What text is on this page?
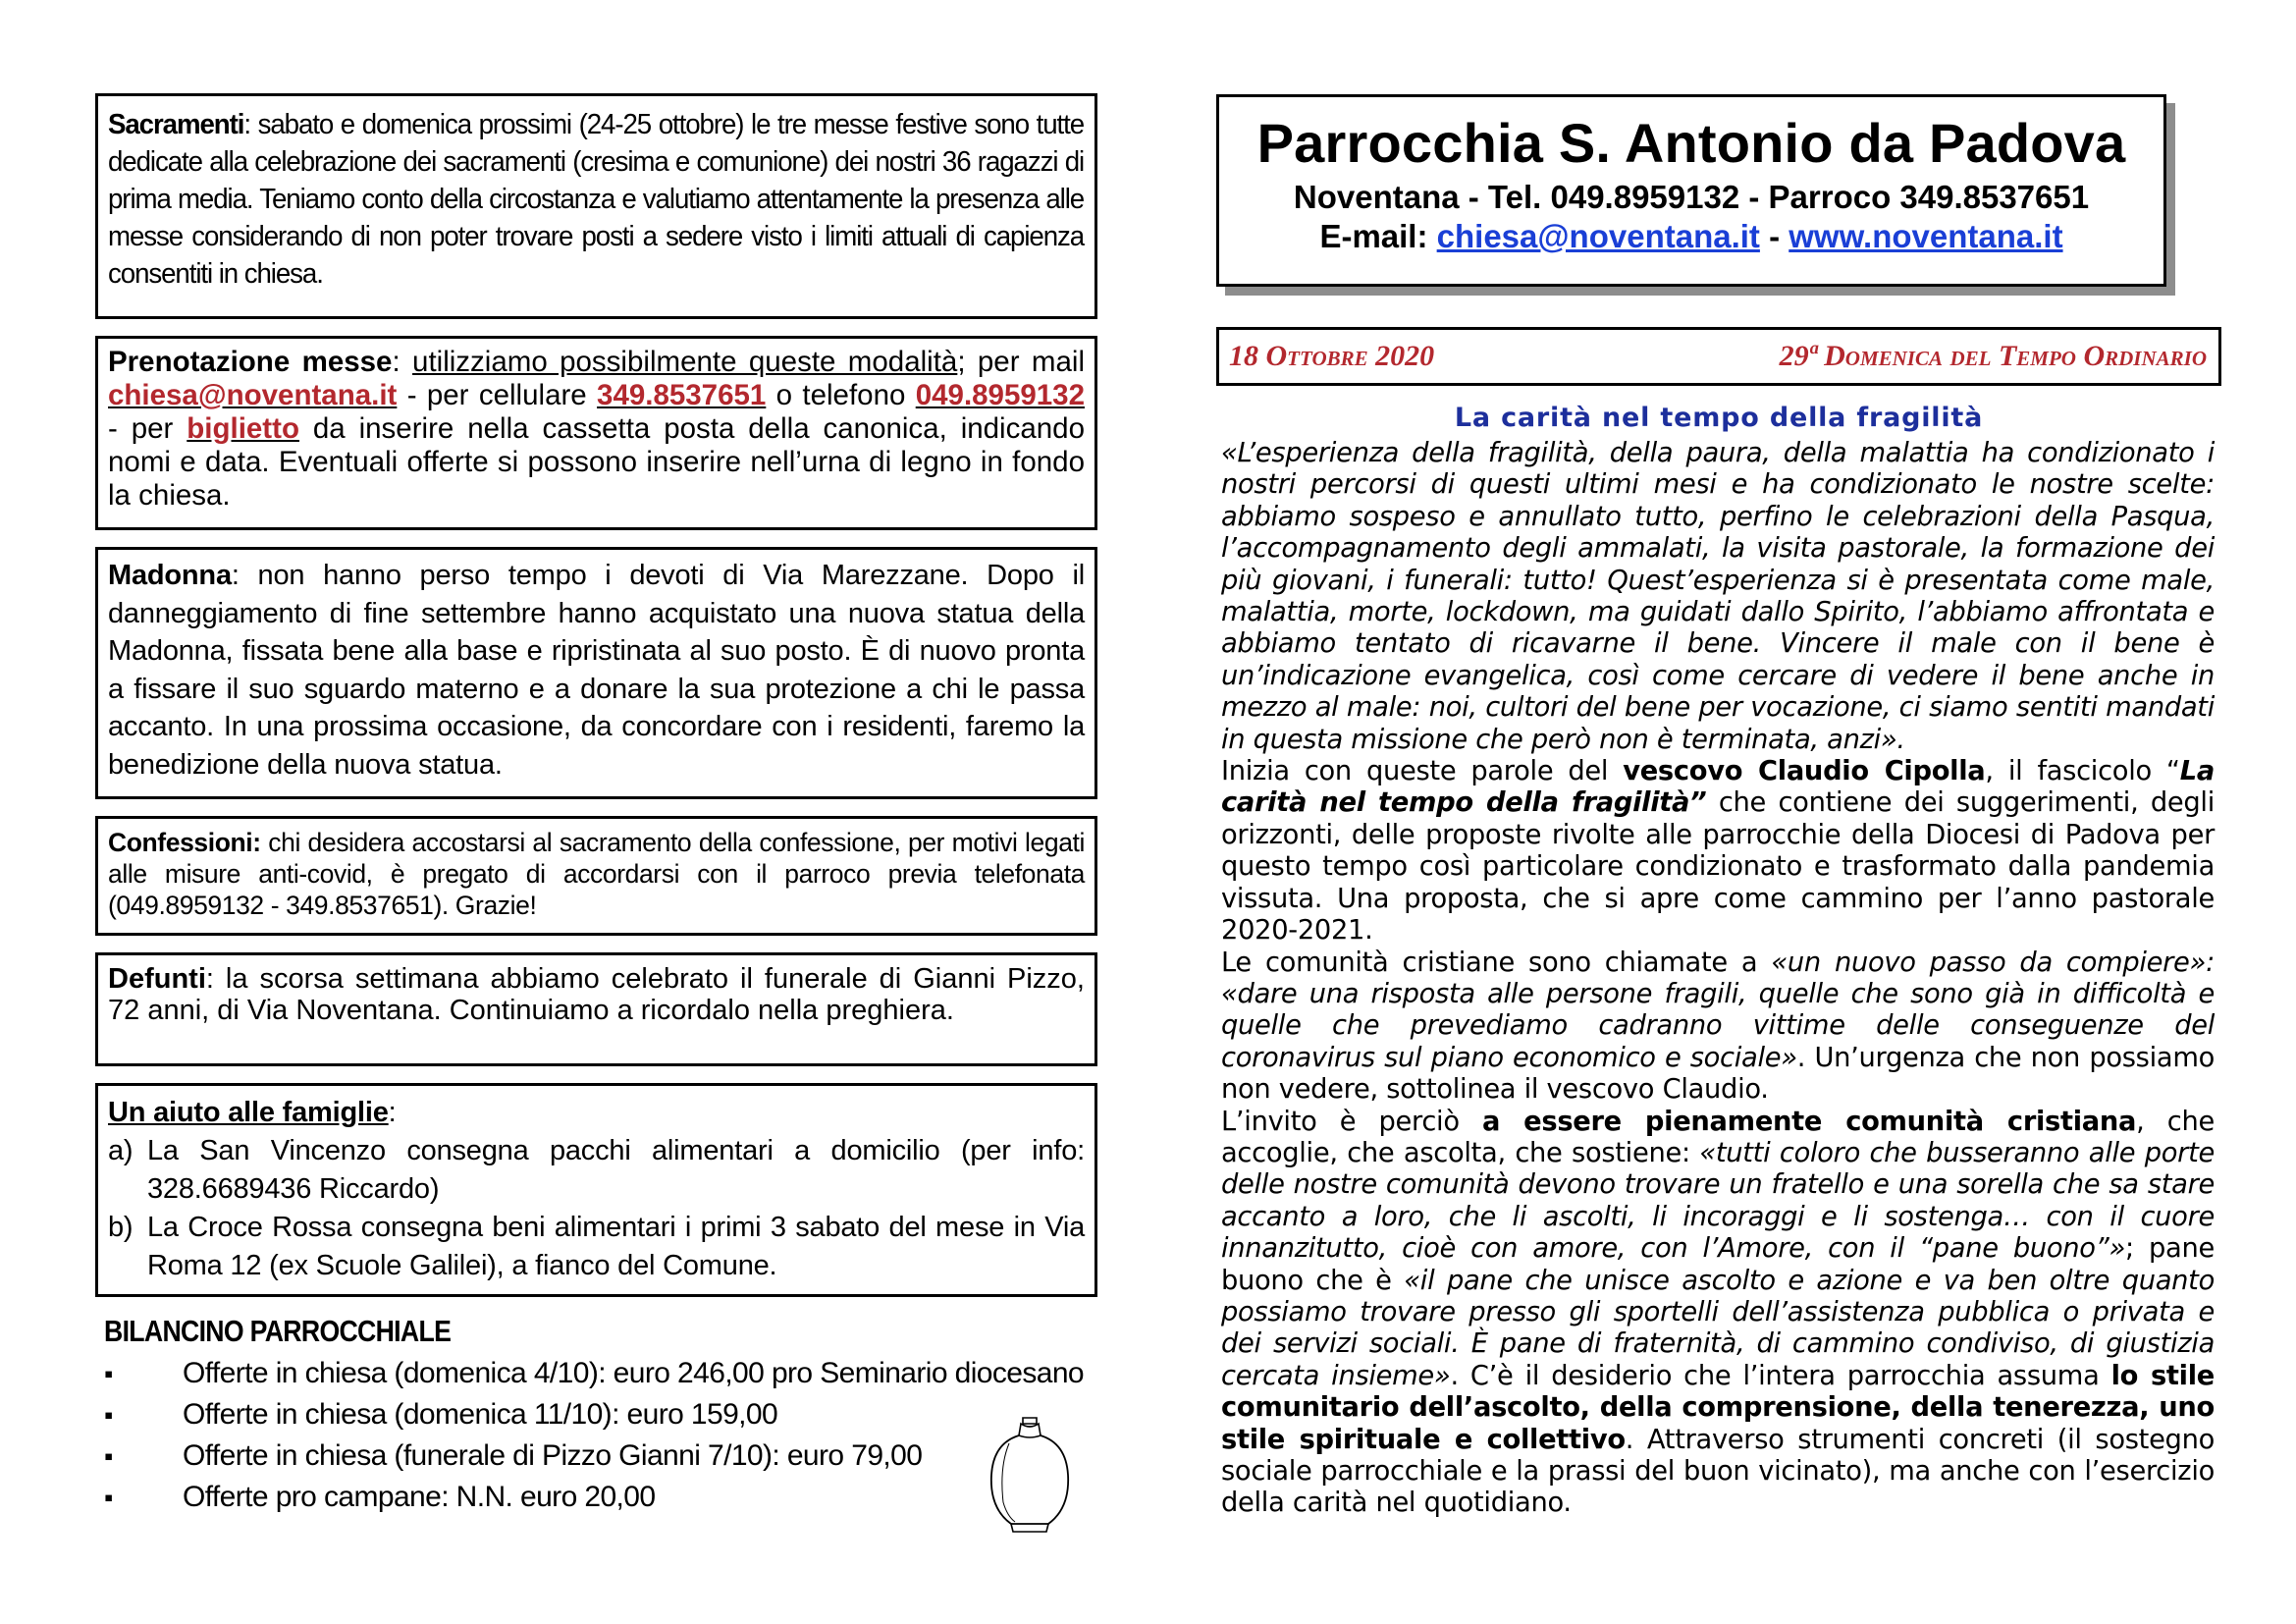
Sacramenti: sabato e domenica prossimi (24-25 ottobre) le tre messe festive sono tutte dedicate alla celebrazione dei sacramenti (cresima e comunione) dei nostri 36 ragazzi di prima media. Teniamo conto della circostanza e valutiamo attentamente la presenza alle messe considerando di non poter trovare posti a sedere visto i limiti attuali di capienza consentiti in chiesa.

Prenotazione messe: utilizziamo possibilmente queste modalità; per mail chiesa@noventana.it - per cellulare 349.8537651 o telefono 049.8959132 - per biglietto da inserire nella cassetta posta della canonica, indicando nomi e data. Eventuali offerte si possono inserire nell’urna di legno in fondo la chiesa.

Madonna: non hanno perso tempo i devoti di Via Marezzane. Dopo il danneggiamento di fine settembre hanno acquistato una nuova statua della Madonna, fissata bene alla base e ripristinata al suo posto. È di nuovo pronta a fissare il suo sguardo materno e a donare la sua protezione a chi le passa accanto. In una prossima occasione, da concordare con i residenti, faremo la benedizione della nuova statua.

Confessioni: chi desidera accostarsi al sacramento della confessione, per motivi legati alle misure anti-covid, è pregato di accordarsi con il parroco previa telefonata (049.8959132 - 349.8537651). Grazie!

Defunti: la scorsa settimana abbiamo celebrato il funerale di Gianni Pizzo, 72 anni, di Via Noventana. Continuiamo a ricordalo nella preghiera.

Un aiuto alle famiglie:

a) La San Vincenzo consegna pacchi alimentari a domicilio (per info: 328.6689436 Riccardo)
b) La Croce Rossa consegna beni alimentari i primi 3 sabato del mese in Via Roma 12 (ex Scuole Galilei), a fianco del Comune.
BILANCINO PARROCCHIALE
▪ Offerte in chiesa (domenica 4/10): euro 246,00 pro Seminario diocesano
▪ Offerte in chiesa (domenica 11/10): euro 159,00
▪ Offerte in chiesa (funerale di Pizzo Gianni 7/10): euro 79,00
▪ Offerte pro campane: N.N. euro 20,00
Parrocchia S. Antonio da Padova
Noventana - Tel. 049.8959132 - Parroco 349.8537651
E-mail: chiesa@noventana.it - www.noventana.it
18 Ottobre 2020	29ª Domenica del Tempo Ordinario
La carità nel tempo della fragilità

«L’esperienza della fragilità, della paura, della malattia ha condizionato i nostri percorsi di questi ultimi mesi e ha condizionato le nostre scelte: abbiamo sospeso e annullato tutto, perfino le celebrazioni della Pasqua, l’accompagnamento degli ammalati, la visita pastorale, la formazione dei più giovani, i funerali: tutto! Quest’esperienza si è presentata come male, malattia, morte, lockdown, ma guidati dallo Spirito, l’abbiamo affrontata e abbiamo tentato di ricavarne il bene. Vincere il male con il bene è un’indicazione evangelica, così come cercare di vedere il bene anche in mezzo al male: noi, cultori del bene per vocazione, ci siamo sentiti mandati in questa missione che però non è terminata, anzi».

Inizia con queste parole del vescovo Claudio Cipolla, il fascicolo “La carità nel tempo della fragilità” che contiene dei suggerimenti, degli orizzonti, delle proposte rivolte alle parrocchie della Diocesi di Padova per questo tempo così particolare condizionato e trasformato dalla pandemia vissuta. Una proposta, che si apre come cammino per l’anno pastorale 2020-2021.

Le comunità cristiane sono chiamate a «un nuovo passo da compiere»: «dare una risposta alle persone fragili, quelle che sono già in difficoltà e quelle che prevediamo cadranno vittime delle conseguenze del coronavirus sul piano economico e sociale». Un’urgenza che non possiamo non vedere, sottolinea il vescovo Claudio.

L’invito è perciò a essere pienamente comunità cristiana, che accoglie, che ascolta, che sostiene: «tutti coloro che busseranno alle porte delle nostre comunità devono trovare un fratello e una sorella che sa stare accanto a loro, che li ascolti, li incoraggi e li sostenga… con il cuore innanzitutto, cioè con amore, con l’Amore, con il “pane buono”»; pane buono che è «il pane che unisce ascolto e azione e va ben oltre quanto possiamo trovare presso gli sportelli dell’assistenza pubblica o privata e dei servizi sociali. È pane di fraternità, di cammino condiviso, di giustizia cercata insieme». C’è il desiderio che l’intera parrocchia assuma lo stile comunitario dell’ascolto, della comprensione, della tenerezza, uno stile spirituale e collettivo. Attraverso strumenti concreti (il sostegno sociale parrocchiale e la prassi del buon vicinato), ma anche con l’esercizio della carità nel quotidiano.
